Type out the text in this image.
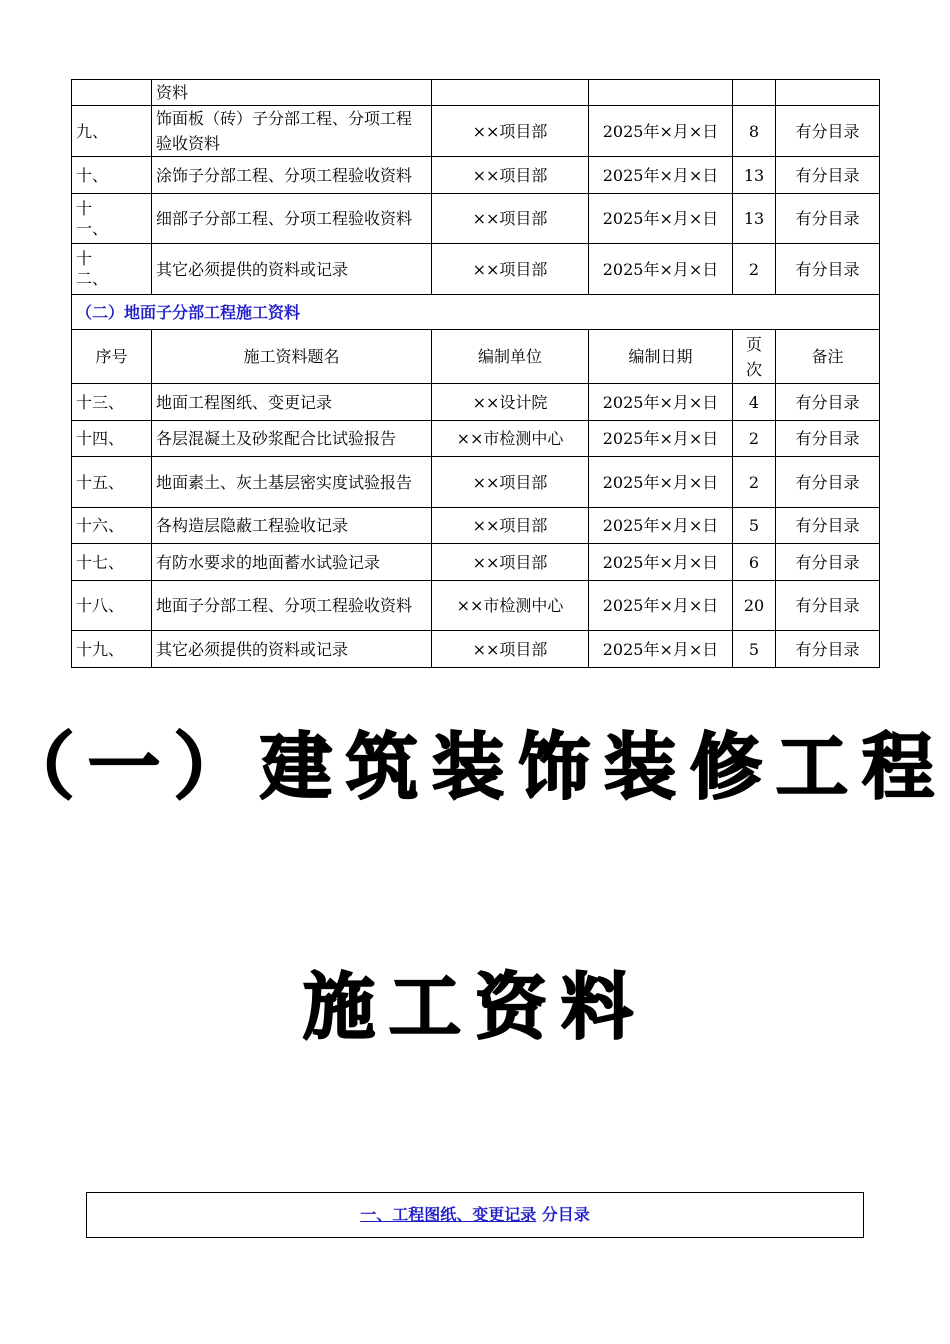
	资料				
九、	饰面板（砖）子分部工程、分项工程验收资料	××项目部	2025年×月×日	8	有分目录
十、	涂饰子分部工程、分项工程验收资料	××项目部	2025年×月×日	13	有分目录
十一、	细部子分部工程、分项工程验收资料	××项目部	2025年×月×日	13	有分目录
十二、	其它必须提供的资料或记录	××项目部	2025年×月×日	2	有分目录
（二）地面子分部工程施工资料					
序号	施工资料题名	编制单位	编制日期	页次	备注
十三、	地面工程图纸、变更记录	××设计院	2025年×月×日	4	有分目录
十四、	各层混凝土及砂浆配合比试验报告	××市检测中心	2025年×月×日	2	有分目录
十五、	地面素土、灰土基层密实度试验报告	××项目部	2025年×月×日	2	有分目录
十六、	各构造层隐蔽工程验收记录	××项目部	2025年×月×日	5	有分目录
十七、	有防水要求的地面蓄水试验记录	××项目部	2025年×月×日	6	有分目录
十八、	地面子分部工程、分项工程验收资料	××市检测中心	2025年×月×日	20	有分目录
十九、	其它必须提供的资料或记录	××项目部	2025年×月×日	5	有分目录
（一）建筑装饰装修工程
施工资料
一、工程图纸、变更记录 分目录
